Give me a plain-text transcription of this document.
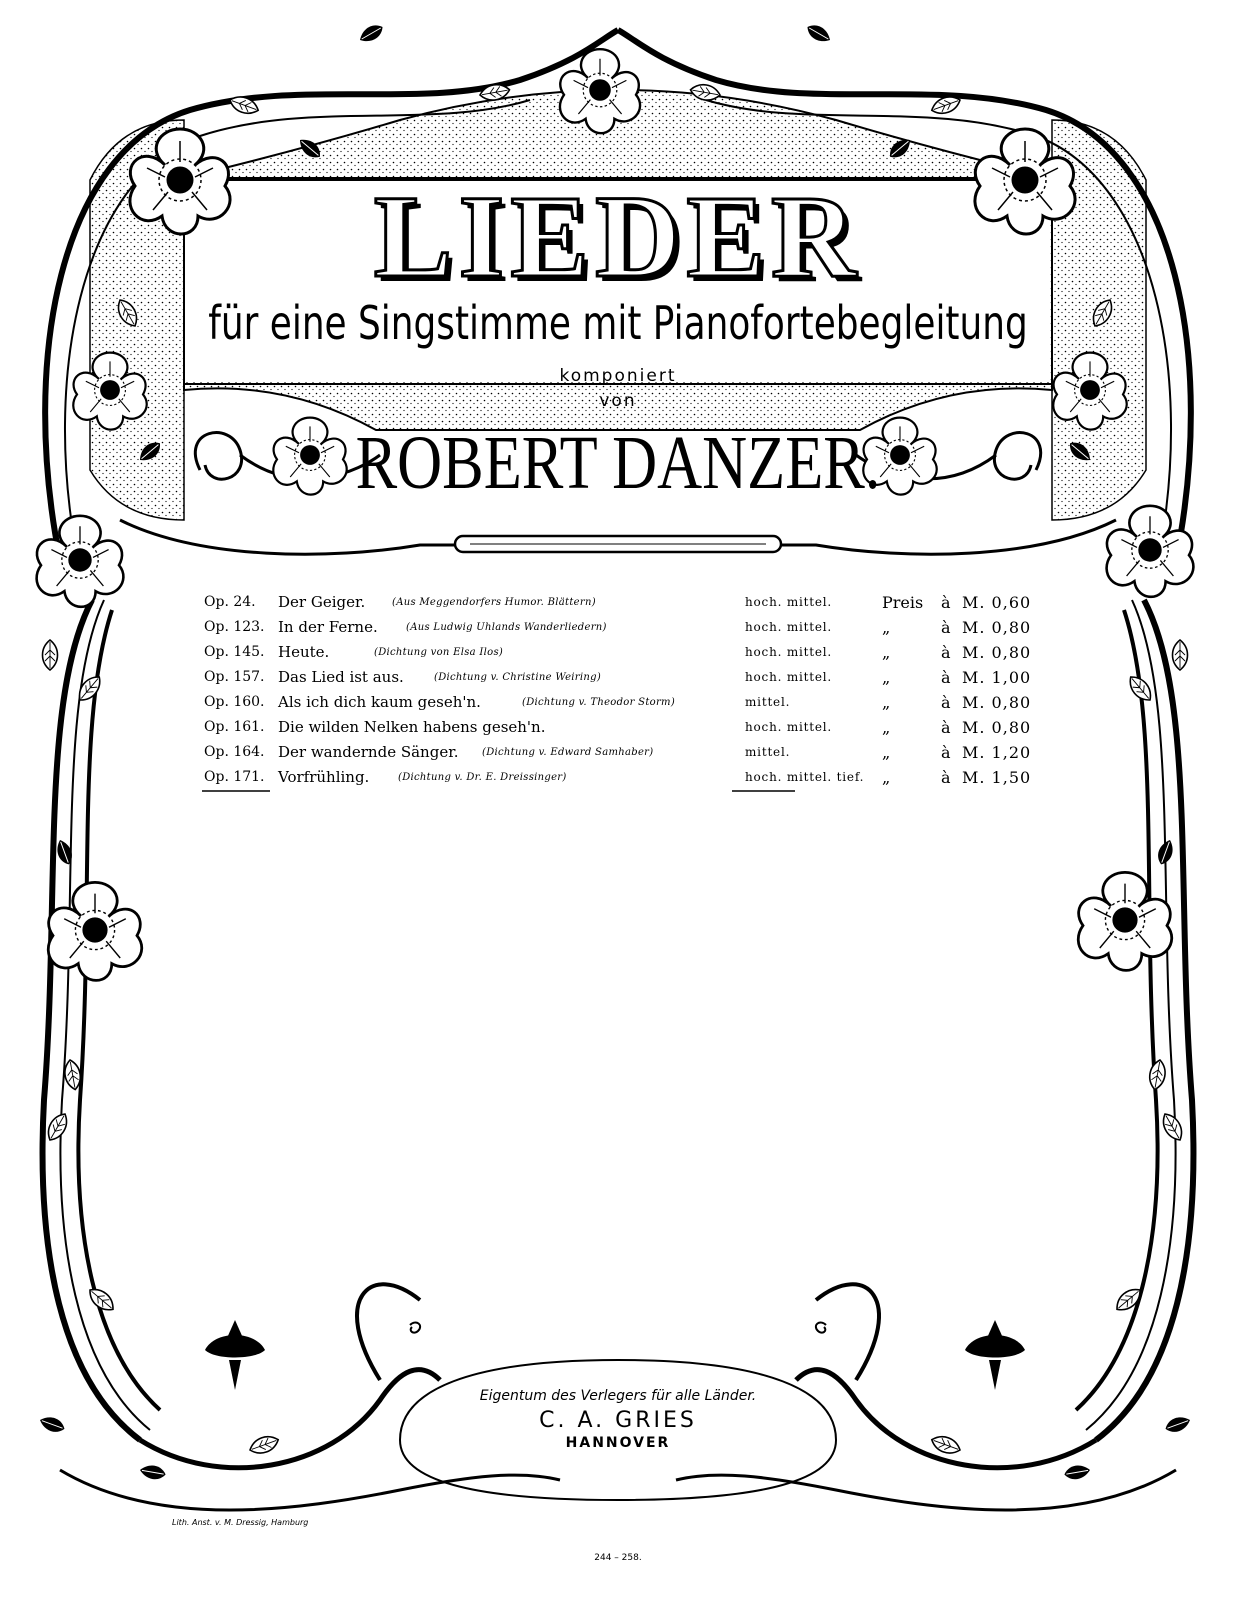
LIEDER
für eine Singstimme mit Pianofortebegleitung
komponiert
von
ROBERT DANZER.
Op. 24. Der Geiger.	(Aus Meggendorfers Humor. Blättern)	hoch. mittel.	Preis à M. 0,60
Op. 123. In der Ferne.	(Aus Ludwig Uhlands Wanderliedern)	hoch. mittel.	„	à M. 0,80
Op. 145. Heute.	(Dichtung von Elsa Ilos)	hoch. mittel.	„	à M. 0,80
Op. 157. Das Lied ist aus.	(Dichtung v. Christine Weiring)	hoch. mittel.	„	à M. 1,00
Op. 160. Als ich dich kaum geseh'n.	(Dichtung v. Theodor Storm)	mittel.	„	à M. 0,80
Op. 161. Die wilden Nelken habens geseh'n.	hoch. mittel.	„	à M. 0,80
Op. 164. Der wandernde Sänger. (Dichtung v. Edward Samhaber)	mittel.	„	à M. 1,20
Op. 171. Vorfrühling.	(Dichtung v. Dr. E. Dreissinger)	hoch. mittel. tief. „	à M. 1,50
Eigentum des Verlegers für alle Länder.
C. A. GRIES
HANNOVER
Lith. Anst. v. M. Dressig, Hamburg
244 – 258.
